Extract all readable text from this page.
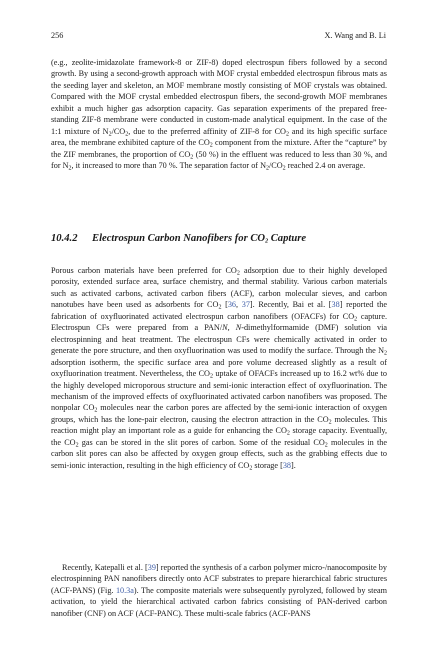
256	X. Wang and B. Li

(e.g., zeolite-imidazolate framework-8 or ZIF-8) doped electrospun fibers followed by a second growth. By using a second-growth approach with MOF crystal embedded electrospun fibrous mats as the seeding layer and skeleton, an MOF membrane mostly consisting of MOF crystals was obtained. Compared with the MOF crystal embedded electrospun fibers, the second-growth MOF membranes exhibit a much higher gas adsorption capacity. Gas separation experiments of the prepared free-standing ZIF-8 membrane were conducted in custom-made analytical equipment. In the case of the 1:1 mixture of $N_2/CO_2$, due to the preferred affinity of ZIF-8 for $CO_2$ and its high specific surface area, the membrane exhibited capture of the $CO_2$ component from the mixture. After the “capture” by the ZIF membranes, the proportion of $CO_2$ (50 %) in the effluent was reduced to less than 30 %, and for $N_2$, it increased to more than 70 %. The separation factor of $N_2/CO_2$ reached 2.4 on average.

10.4.2 Electrospun Carbon Nanofibers for $CO_2$ Capture

Porous carbon materials have been preferred for $CO_2$ adsorption due to their highly developed porosity, extended surface area, surface chemistry, and thermal stability. Various carbon materials such as activated carbons, activated carbon fibers (ACF), carbon molecular sieves, and carbon nanotubes have been used as adsorbents for $CO_2$ [36, 37]. Recently, Bai et al. [38] reported the fabrication of oxyfluorinated activated electrospun carbon nanofibers (OFACFs) for $CO_2$ capture. Electrospun CFs were prepared from a PAN/N, N-dimethylformamide (DMF) solution via electrospinning and heat treatment. The electrospun CFs were chemically activated in order to generate the pore structure, and then oxyfluorination was used to modify the surface. Through the $N_2$ adsorption isotherm, the specific surface area and pore volume decreased slightly as a result of oxyfluorination treatment. Nevertheless, the $CO_2$ uptake of OFACFs increased up to 16.2 wt% due to the highly developed microporous structure and semi-ionic interaction effect of oxyfluorination. The mechanism of the improved effects of oxyfluorinated activated carbon nanofibers was proposed. The nonpolar $CO_2$ molecules near the carbon pores are affected by the semi-ionic interaction of oxygen groups, which has the lone-pair electron, causing the electron attraction in the $CO_2$ molecules. This reaction might play an important role as a guide for enhancing the $CO_2$ storage capacity. Eventually, the $CO_2$ gas can be stored in the slit pores of carbon. Some of the residual $CO_2$ molecules in the carbon slit pores can also be affected by oxygen group effects, such as the grabbing effects due to semi-ionic interaction, resulting in the high efficiency of $CO_2$ storage [38].

Recently, Katepalli et al. [39] reported the synthesis of a carbon polymer micro-/nanocomposite by electrospinning PAN nanofibers directly onto ACF substrates to prepare hierarchical fabric structures (ACF-PANS) (Fig. 10.3a). The composite materials were subsequently pyrolyzed, followed by steam activation, to yield the hierarchical activated carbon fabrics consisting of PAN-derived carbon nanofiber (CNF) on ACF (ACF-PANC). These multi-scale fabrics (ACF-PANS
